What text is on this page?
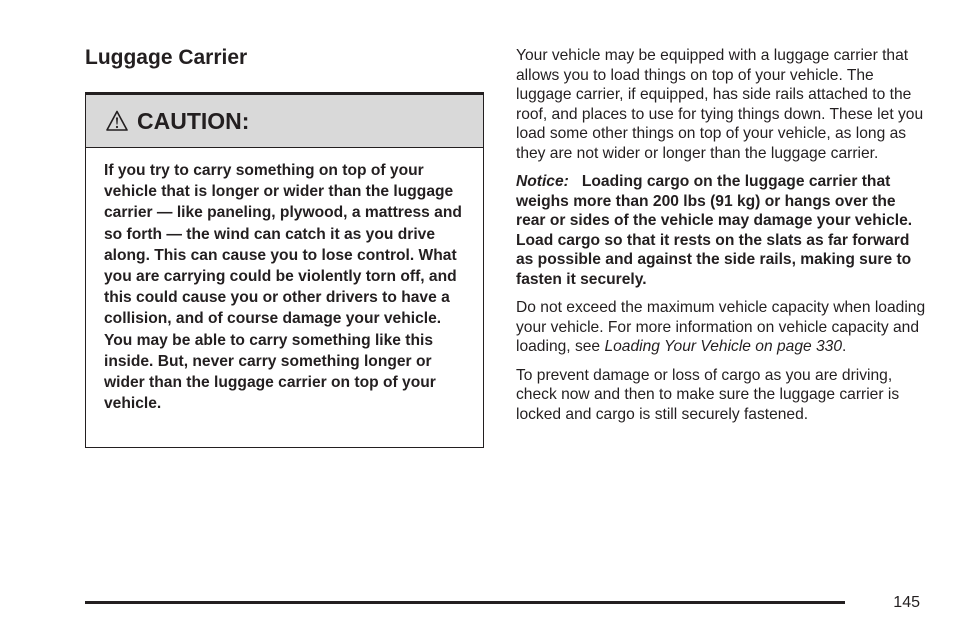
Luggage Carrier
CAUTION:

If you try to carry something on top of your vehicle that is longer or wider than the luggage carrier — like paneling, plywood, a mattress and so forth — the wind can catch it as you drive along. This can cause you to lose control. What you are carrying could be violently torn off, and this could cause you or other drivers to have a collision, and of course damage your vehicle. You may be able to carry something like this inside. But, never carry something longer or wider than the luggage carrier on top of your vehicle.

Your vehicle may be equipped with a luggage carrier that allows you to load things on top of your vehicle. The luggage carrier, if equipped, has side rails attached to the roof, and places to use for tying things down. These let you load some other things on top of your vehicle, as long as they are not wider or longer than the luggage carrier.

Notice: Loading cargo on the luggage carrier that weighs more than 200 lbs (91 kg) or hangs over the rear or sides of the vehicle may damage your vehicle. Load cargo so that it rests on the slats as far forward as possible and against the side rails, making sure to fasten it securely.

Do not exceed the maximum vehicle capacity when loading your vehicle. For more information on vehicle capacity and loading, see Loading Your Vehicle on page 330.

To prevent damage or loss of cargo as you are driving, check now and then to make sure the luggage carrier is locked and cargo is still securely fastened.

145
